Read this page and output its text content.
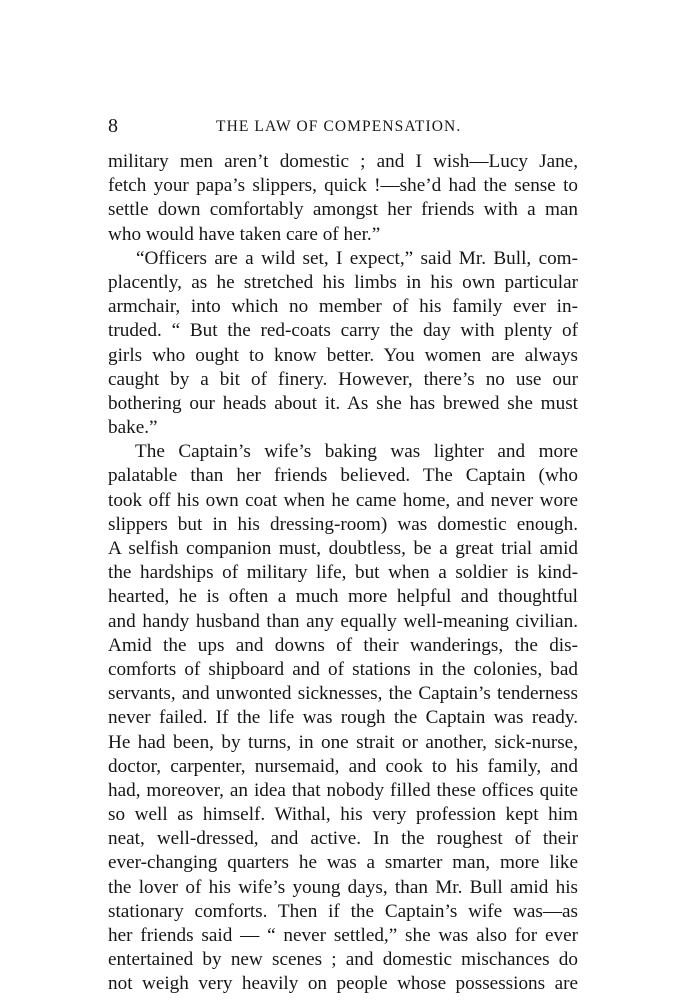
8	THE LAW OF COMPENSATION.
military men aren’t domestic ; and I wish—Lucy Jane,
fetch your papa’s slippers, quick !—she’d had the sense to
settle down comfortably amongst her friends with a man
who would have taken care of her.”
“Officers are a wild set, I expect,” said Mr. Bull, com-
placently, as he stretched his limbs in his own particular
armchair, into which no member of his family ever in-
truded. “ But the red-coats carry the day with plenty of
girls who ought to know better. You women are always
caught by a bit of finery. However, there’s no use our
bothering our heads about it. As she has brewed she must
bake.”
The Captain’s wife’s baking was lighter and more
palatable than her friends believed. The Captain (who
took off his own coat when he came home, and never wore
slippers but in his dressing-room) was domestic enough.
A selfish companion must, doubtless, be a great trial amid
the hardships of military life, but when a soldier is kind-
hearted, he is often a much more helpful and thoughtful
and handy husband than any equally well-meaning civilian.
Amid the ups and downs of their wanderings, the dis-
comforts of shipboard and of stations in the colonies, bad
servants, and unwonted sicknesses, the Captain’s tenderness
never failed. If the life was rough the Captain was ready.
He had been, by turns, in one strait or another, sick-nurse,
doctor, carpenter, nursemaid, and cook to his family, and
had, moreover, an idea that nobody filled these offices quite
so well as himself. Withal, his very profession kept him
neat, well-dressed, and active. In the roughest of their
ever-changing quarters he was a smarter man, more like
the lover of his wife’s young days, than Mr. Bull amid his
stationary comforts. Then if the Captain’s wife was—as
her friends said — “ never settled,” she was also for ever
entertained by new scenes ; and domestic mischances do
not weigh very heavily on people whose possessions are
